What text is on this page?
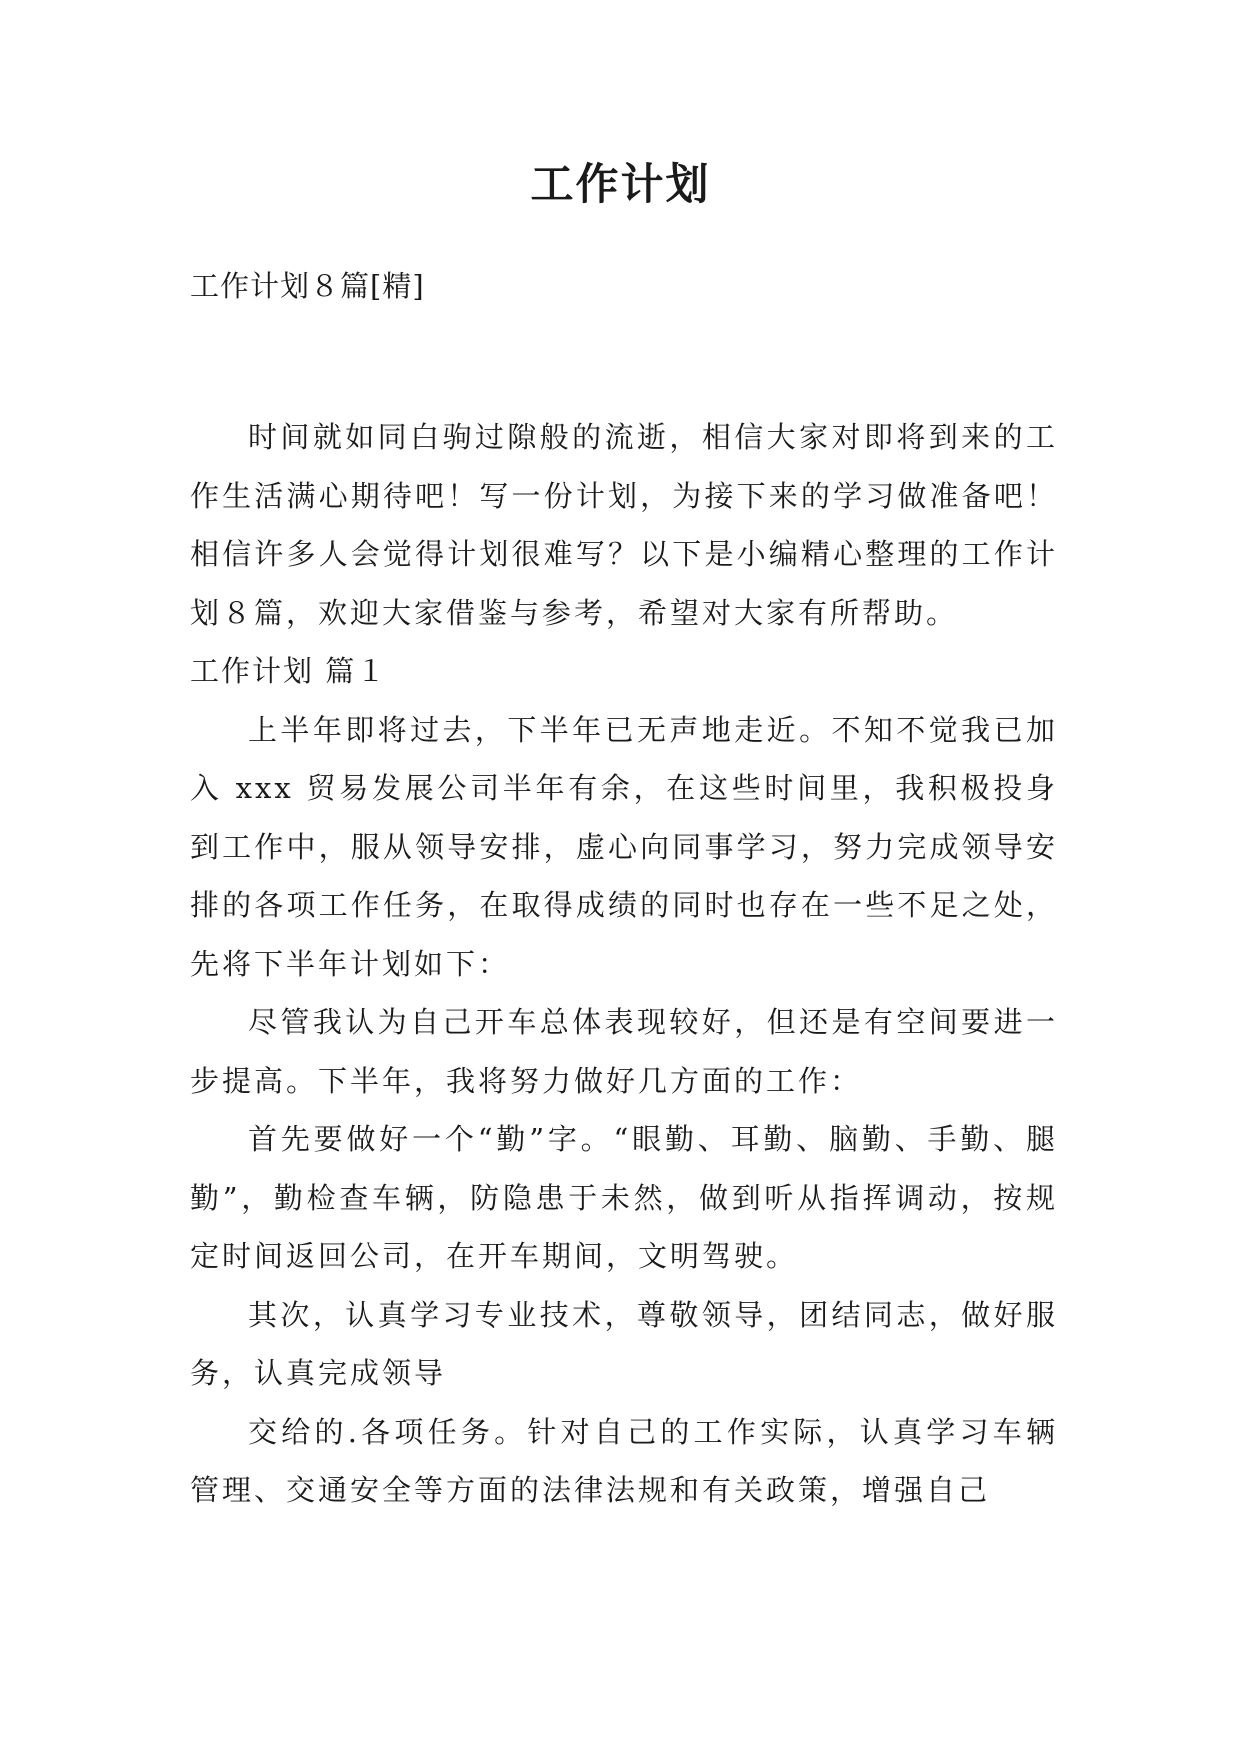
工作计划
工作计划８篇[精]

时间就如同白驹过隙般的流逝，相信大家对即将到来的工作生活满心期待吧！写一份计划，为接下来的学习做准备吧！相信许多人会觉得计划很难写？以下是小编精心整理的工作计划８篇，欢迎大家借鉴与参考，希望对大家有所帮助。

工作计划 篇１

上半年即将过去，下半年已无声地走近。不知不觉我已加入 xxx 贸易发展公司半年有余，在这些时间里，我积极投身到工作中，服从领导安排，虚心向同事学习，努力完成领导安排的各项工作任务，在取得成绩的同时也存在一些不足之处，先将下半年计划如下：

尽管我认为自己开车总体表现较好，但还是有空间要进一步提高。下半年，我将努力做好几方面的工作：

首先要做好一个“勤”字。“眼勤、耳勤、脑勤、手勤、腿勤”，勤检查车辆，防隐患于未然，做到听从指挥调动，按规定时间返回公司，在开车期间，文明驾驶。

其次，认真学习专业技术，尊敬领导，团结同志，做好服务，认真完成领导

交给的.各项任务。针对自己的工作实际，认真学习车辆管理、交通安全等方面的法律法规和有关政策，增强自己
